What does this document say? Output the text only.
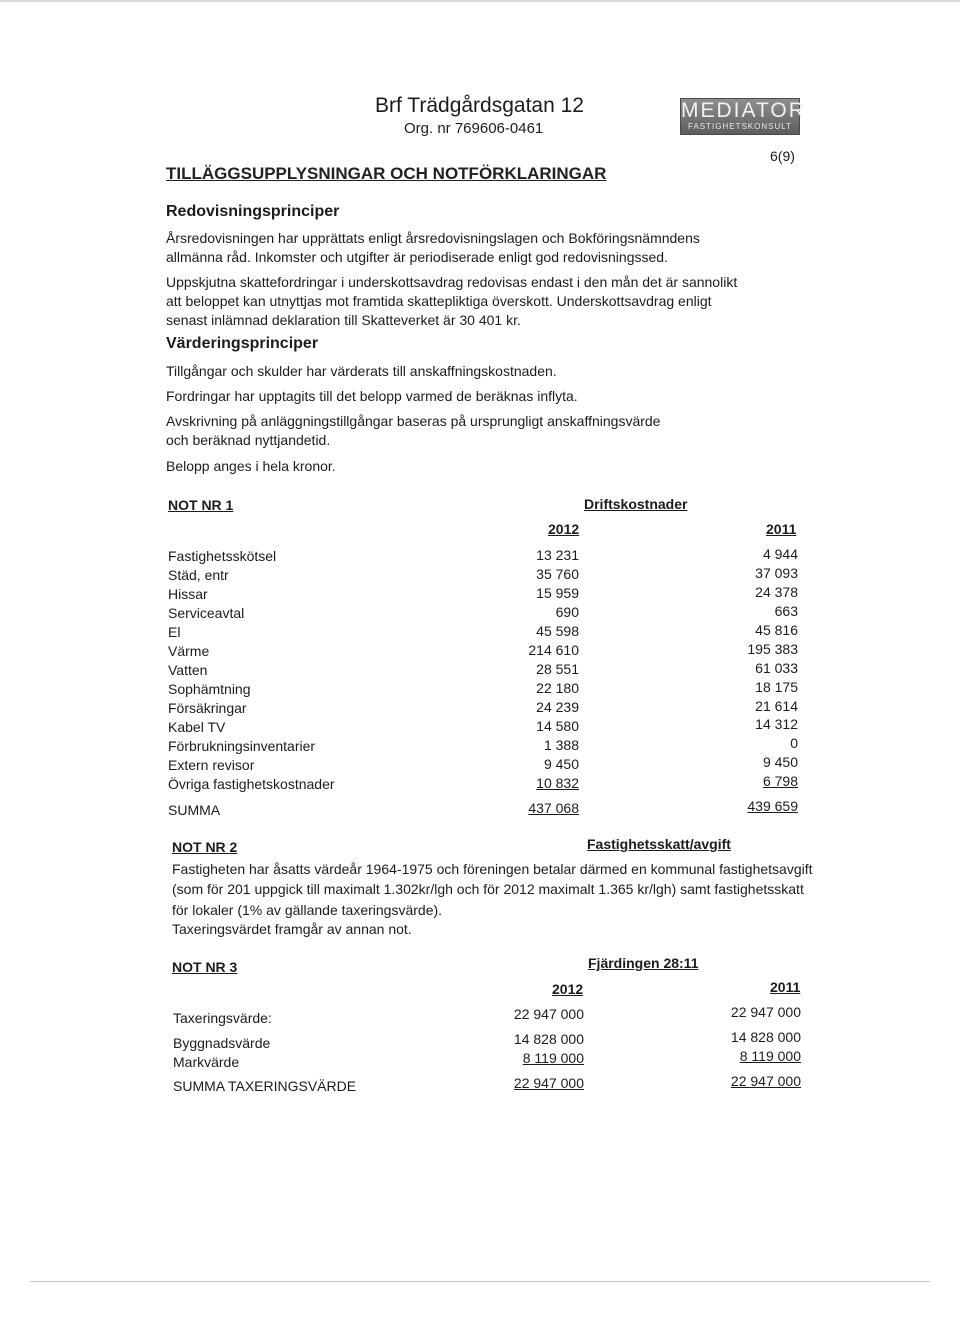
Brf Trädgårdsgatan 12
Org. nr 769606-0461
MEDIATOR
FASTIGHETSKONSULT
6(9)
TILLÄGGSUPPLYSNINGAR OCH NOTFÖRKLARINGAR
Redovisningsprinciper
Årsredovisningen har upprättats enligt årsredovisningslagen och Bokföringsnämndens
allmänna råd. Inkomster och utgifter är periodiserade enligt god redovisningssed.
Uppskjutna skattefordringar i underskottsavdrag redovisas endast i den mån det är sannolikt
att beloppet kan utnyttjas mot framtida skattepliktiga överskott. Underskottsavdrag enligt
senast inlämnad deklaration till Skatteverket är 30 401 kr.
Värderingsprinciper
Tillgångar och skulder har värderats till anskaffningskostnaden.
Fordringar har upptagits till det belopp varmed de beräknas inflyta.
Avskrivning på anläggningstillgångar baseras på ursprungligt anskaffningsvärde
och beräknad nyttjandetid.
Belopp anges i hela kronor.
NOT NR 1	Driftskostnader
2012	2011
Fastighetsskötsel	13 231	4 944
Städ, entr	35 760	37 093
Hissar	15 959	24 378
Serviceavtal	690	663
El	45 598	45 816
Värme	214 610	195 383
Vatten	28 551	61 033
Sophämtning	22 180	18 175
Försäkringar	24 239	21 614
Kabel TV	14 580	14 312
Förbrukningsinventarier	1 388	0
Extern revisor	9 450	9 450
Övriga fastighetskostnader	10 832	6 798
SUMMA	437 068	439 659
NOT NR 2	Fastighetsskatt/avgift
Fastigheten har åsatts värdeår 1964-1975 och föreningen betalar därmed en kommunal fastighetsavgift
(som för 201 uppgick till maximalt 1.302kr/lgh och för 2012 maximalt 1.365 kr/lgh) samt fastighetsskatt
för lokaler (1% av gällande taxeringsvärde).
Taxeringsvärdet framgår av annan not.
NOT NR 3	Fjärdingen 28:11
2012	2011
Taxeringsvärde:	22 947 000	22 947 000
Byggnadsvärde	14 828 000	14 828 000
Markvärde	8 119 000	8 119 000
SUMMA TAXERINGSVÄRDE	22 947 000	22 947 000
